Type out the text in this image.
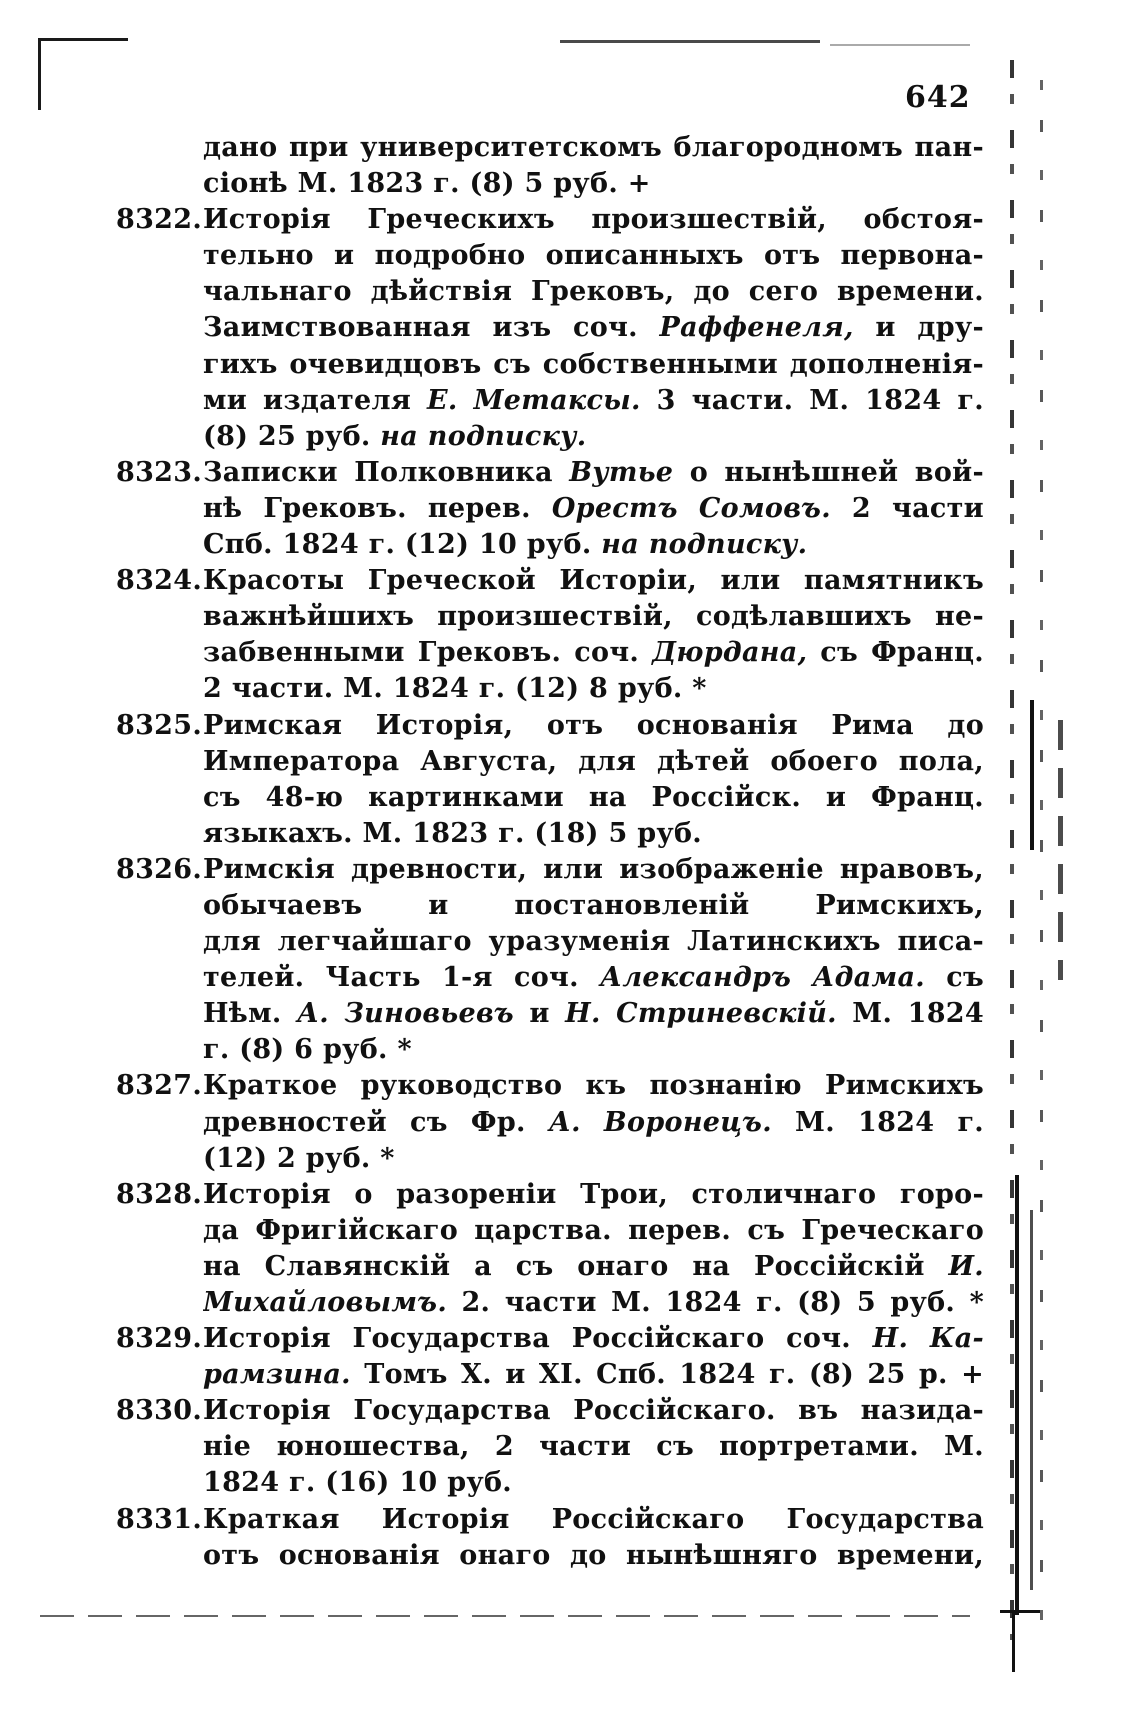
642
дано при университетскомъ благородномъ пан-
сіонѣ М. 1823 г. (8) 5 руб. +
8322.Исторія Греческихъ произшествій, обстоя-
тельно и подробно описанныхъ отъ первона-
чальнаго дѣйствія Грековъ, до сего времени.
Заимствованная изъ соч. Раффенеля, и дру-
гихъ очевидцовъ съ собственными дополненія-
ми издателя Е. Метаксы. 3 части. М. 1824 г.
(8) 25 руб. на подписку.
8323.Записки Полковника Вутье о нынѣшней вой-
нѣ Грековъ. перев. Орестъ Сомовъ. 2 части
Спб. 1824 г. (12) 10 руб. на подписку.
8324.Красоты Греческой Исторіи, или памятникъ
важнѣйшихъ произшествій, содѣлавшихъ не-
забвенными Грековъ. соч. Дюрдана, съ Франц.
2 части. М. 1824 г. (12) 8 руб. *
8325.Римская Исторія, отъ основанія Рима до
Императора Августа, для дѣтей обоего пола,
съ 48-ю картинками на Россійск. и Франц.
языкахъ. М. 1823 г. (18) 5 руб.
8326.Римскія древности, или изображеніе нравовъ,
обычаевъ и постановленій Римскихъ,
для легчайшаго уразуменія Латинскихъ писа-
телей. Часть 1-я соч. Александръ Адама. съ
Нѣм. А. Зиновьевъ и Н. Стриневскій. М. 1824
г. (8) 6 руб. *
8327.Краткое руководство къ познанію Римскихъ
древностей съ Фр. А. Воронецъ. М. 1824 г.
(12) 2 руб. *
8328.Исторія о разореніи Трои, столичнаго горо-
да Фригійскаго царства. перев. съ Греческаго
на Славянскій а съ онаго на Россійскій И.
Михайловымъ. 2. части М. 1824 г. (8) 5 руб. *
8329.Исторія Государства Россійскаго соч. Н. Ка-
рамзина. Томъ X. и XI. Спб. 1824 г. (8) 25 р. +
8330.Исторія Государства Россійскаго. въ назида-
ніе юношества, 2 части съ портретами. М.
1824 г. (16) 10 руб.
8331.Краткая Исторія Россійскаго Государства
отъ основанія онаго до нынѣшняго времени,
